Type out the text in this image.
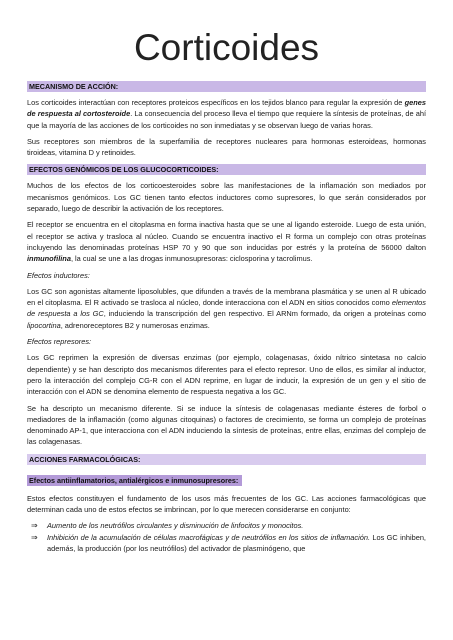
Corticoides
MECANISMO DE ACCIÓN:

Los corticoides interactúan con receptores proteicos específicos en los tejidos blanco para regular la expresión de genes de respuesta al cortosteroide. La consecuencia del proceso lleva el tiempo que requiere la síntesis de proteínas, de ahí que la mayoría de las acciones de los corticoides no son inmediatas y se observan luego de varias horas.

Sus receptores son miembros de la superfamilia de receptores nucleares para hormonas esteroideas, hormonas tiroideas, vitamina D y retinoides.

EFECTOS GENÓMICOS DE LOS GLUCOCORTICOIDES:

Muchos de los efectos de los corticoesteroides sobre las manifestaciones de la inflamación son mediados por mecanismos genómicos. Los GC tienen tanto efectos inductores como supresores, lo que serán considerados por separado, luego de describir la activación de los receptores.

El receptor se encuentra en el citoplasma en forma inactiva hasta que se une al ligando esteroide. Luego de esta unión, el receptor se activa y trasloca al núcleo. Cuando se encuentra inactivo el R forma un complejo con otras proteínas incluyendo las denominadas proteínas HSP 70 y 90 que son inducidas por estrés y la proteína de 56000 dalton inmunofilina, la cual se une a las drogas inmunosupresoras: ciclosporina y tacrolimus.

Efectos inductores:

Los GC son agonistas altamente liposolubles, que difunden a través de la membrana plasmática y se unen al R ubicado en el citoplasma. El R activado se trasloca al núcleo, donde interacciona con el ADN en sitios conocidos como elementos de respuesta a los GC, induciendo la transcripción del gen respectivo. El ARNm formado, da origen a proteínas como lipocortina, adrenoreceptores B2 y numerosas enzimas.

Efectos represores:

Los GC reprimen la expresión de diversas enzimas (por ejemplo, colagenasas, óxido nítrico sintetasa no calcio dependiente) y se han descripto dos mecanismos diferentes para el efecto represor. Uno de ellos, es similar al inductor, pero la interacción del complejo CG-R con el ADN reprime, en lugar de inducir, la expresión de un gen y el sitio de interacción con el ADN se denomina elemento de respuesta negativa a los GC.

Se ha descripto un mecanismo diferente. Si se induce la síntesis de colagenasas mediante ésteres de forbol o mediadores de la inflamación (como algunas citoquinas) o factores de crecimiento, se forma un complejo de proteínas denominado AP-1, que interacciona con el ADN induciendo la síntesis de proteínas, entre ellas, enzimas del complejo de las colagenasas.

ACCIONES FARMACOLÓGICAS:
Efectos antiinflamatorios, antialérgicos e inmunosupresores:

Estos efectos constituyen el fundamento de los usos más frecuentes de los GC. Las acciones farmacológicas que determinan cada uno de estos efectos se imbrincan, por lo que merecen considerarse en conjunto:

⇒ Aumento de los neutrófilos circulantes y disminución de linfocitos y monocitos.
⇒ Inhibición de la acumulación de células macrofágicas y de neutrófilos en los sitios de inflamación. Los GC inhiben, además, la producción (por los neutrófilos) del activador de plasminógeno, que
